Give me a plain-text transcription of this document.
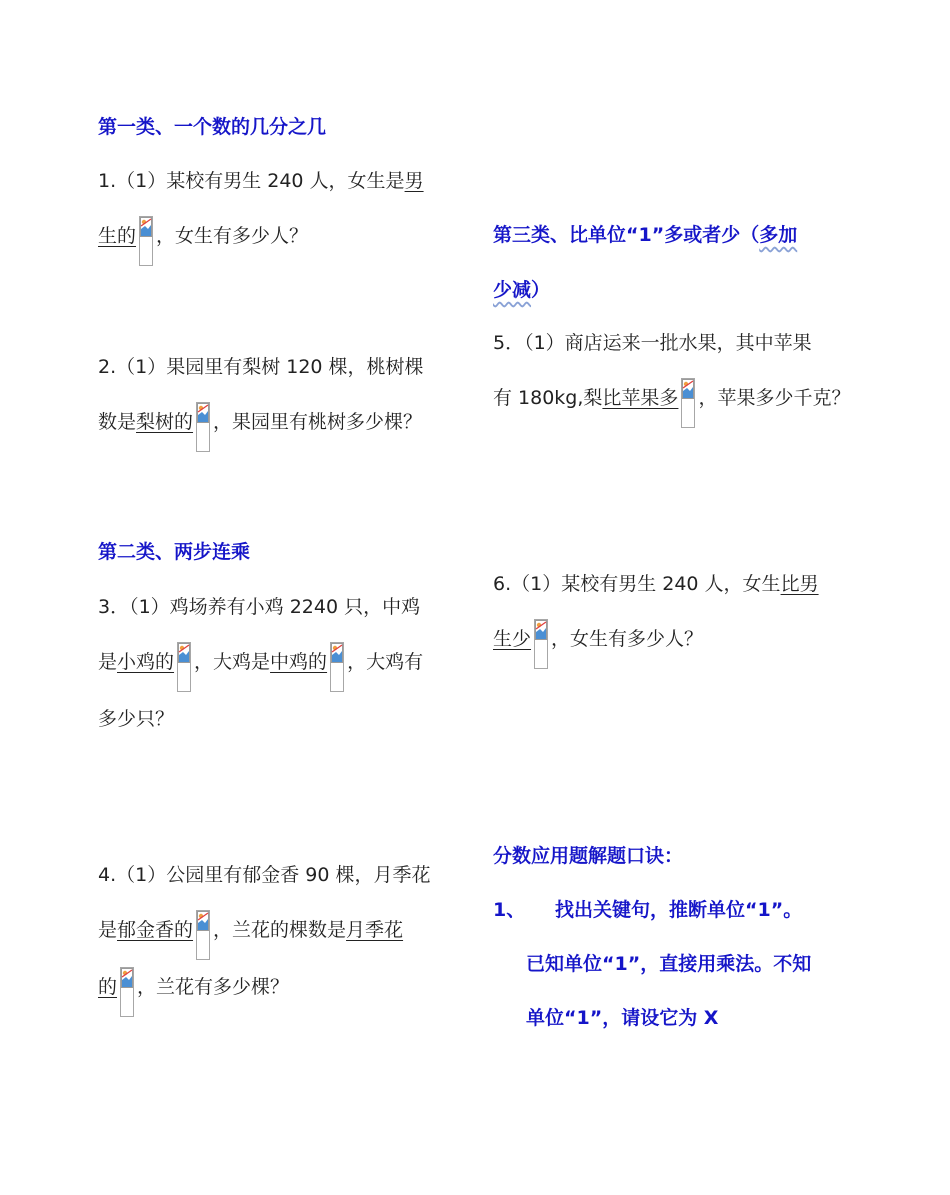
第一类、一个数的几分之几
1.（1）某校有男生 240 人，女生是男
生的 ，女生有多少人？
2.（1）果园里有梨树 120 棵，桃树棵
数是梨树的 ，果园里有桃树多少棵？
第二类、两步连乘
3．（1）鸡场养有小鸡 2240 只，中鸡
是小鸡的 ，大鸡是中鸡的 ，大鸡有
多少只？
4.（1）公园里有郁金香 90 棵，月季花
是郁金香的 ，兰花的棵数是月季花
的 ，兰花有多少棵？
第三类、比单位“1”多或者少（多加
少减）
5．（1）商店运来一批水果，其中苹果
有 180kg,梨比苹果多 ，苹果多少千克？
6.（1）某校有男生 240 人，女生比男
生少 ，女生有多少人？
分数应用题解题口诀：
1、 找出关键句，推断单位“1”。
已知单位“1”，直接用乘法。不知
单位“1”，请设它为 X
